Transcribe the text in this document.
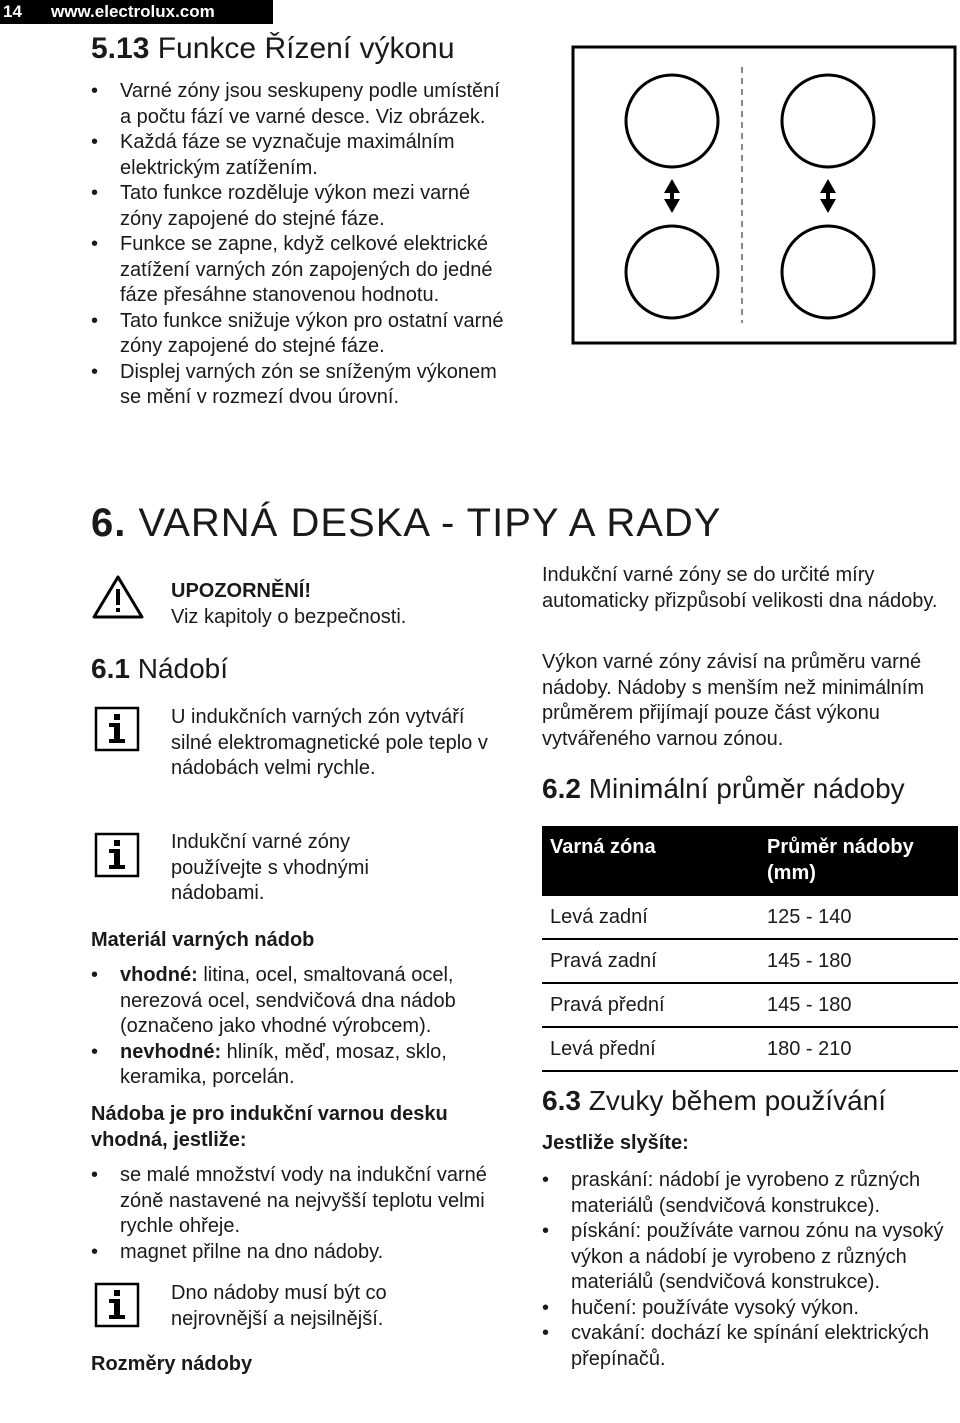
14 www.electrolux.com
5.13 Funkce Řízení výkonu
• Varné zóny jsou seskupeny podle umístění a počtu fází ve varné desce. Viz obrázek.
• Každá fáze se vyznačuje maximálním elektrickým zatížením.
• Tato funkce rozděluje výkon mezi varné zóny zapojené do stejné fáze.
• Funkce se zapne, když celkové elektrické zatížení varných zón zapojených do jedné fáze přesáhne stanovenou hodnotu.
• Tato funkce snižuje výkon pro ostatní varné zóny zapojené do stejné fáze.
• Displej varných zón se sníženým výkonem se mění v rozmezí dvou úrovní.
6. VARNÁ DESKA - TIPY A RADY
UPOZORNĚNÍ!
Viz kapitoly o bezpečnosti.
6.1 Nádobí
U indukčních varných zón vytváří silné elektromagnetické pole teplo v nádobách velmi rychle.
Indukční varné zóny používejte s vhodnými nádobami.
Materiál varných nádob
• vhodné: litina, ocel, smaltovaná ocel, nerezová ocel, sendvičová dna nádob (označeno jako vhodné výrobcem).
• nevhodné: hliník, měď, mosaz, sklo, keramika, porcelán.
Nádoba je pro indukční varnou desku vhodná, jestliže:
• se malé množství vody na indukční varné zóně nastavené na nejvyšší teplotu velmi rychle ohřeje.
• magnet přilne na dno nádoby.
Dno nádoby musí být co nejrovnější a nejsilnější.
Rozměry nádoby
Indukční varné zóny se do určité míry automaticky přizpůsobí velikosti dna nádoby.
Výkon varné zóny závisí na průměru varné nádoby. Nádoby s menším než minimálním průměrem přijímají pouze část výkonu vytvářeného varnou zónou.
6.2 Minimální průměr nádoby
Varná zóna	Průměr nádoby (mm)
Levá zadní	125 - 140
Pravá zadní	145 - 180
Pravá přední	145 - 180
Levá přední	180 - 210
6.3 Zvuky během používání
Jestliže slyšíte:
• praskání: nádobí je vyrobeno z různých materiálů (sendvičová konstrukce).
• pískání: používáte varnou zónu na vysoký výkon a nádobí je vyrobeno z různých materiálů (sendvičová konstrukce).
• hučení: používáte vysoký výkon.
• cvakání: dochází ke spínání elektrických přepínačů.
